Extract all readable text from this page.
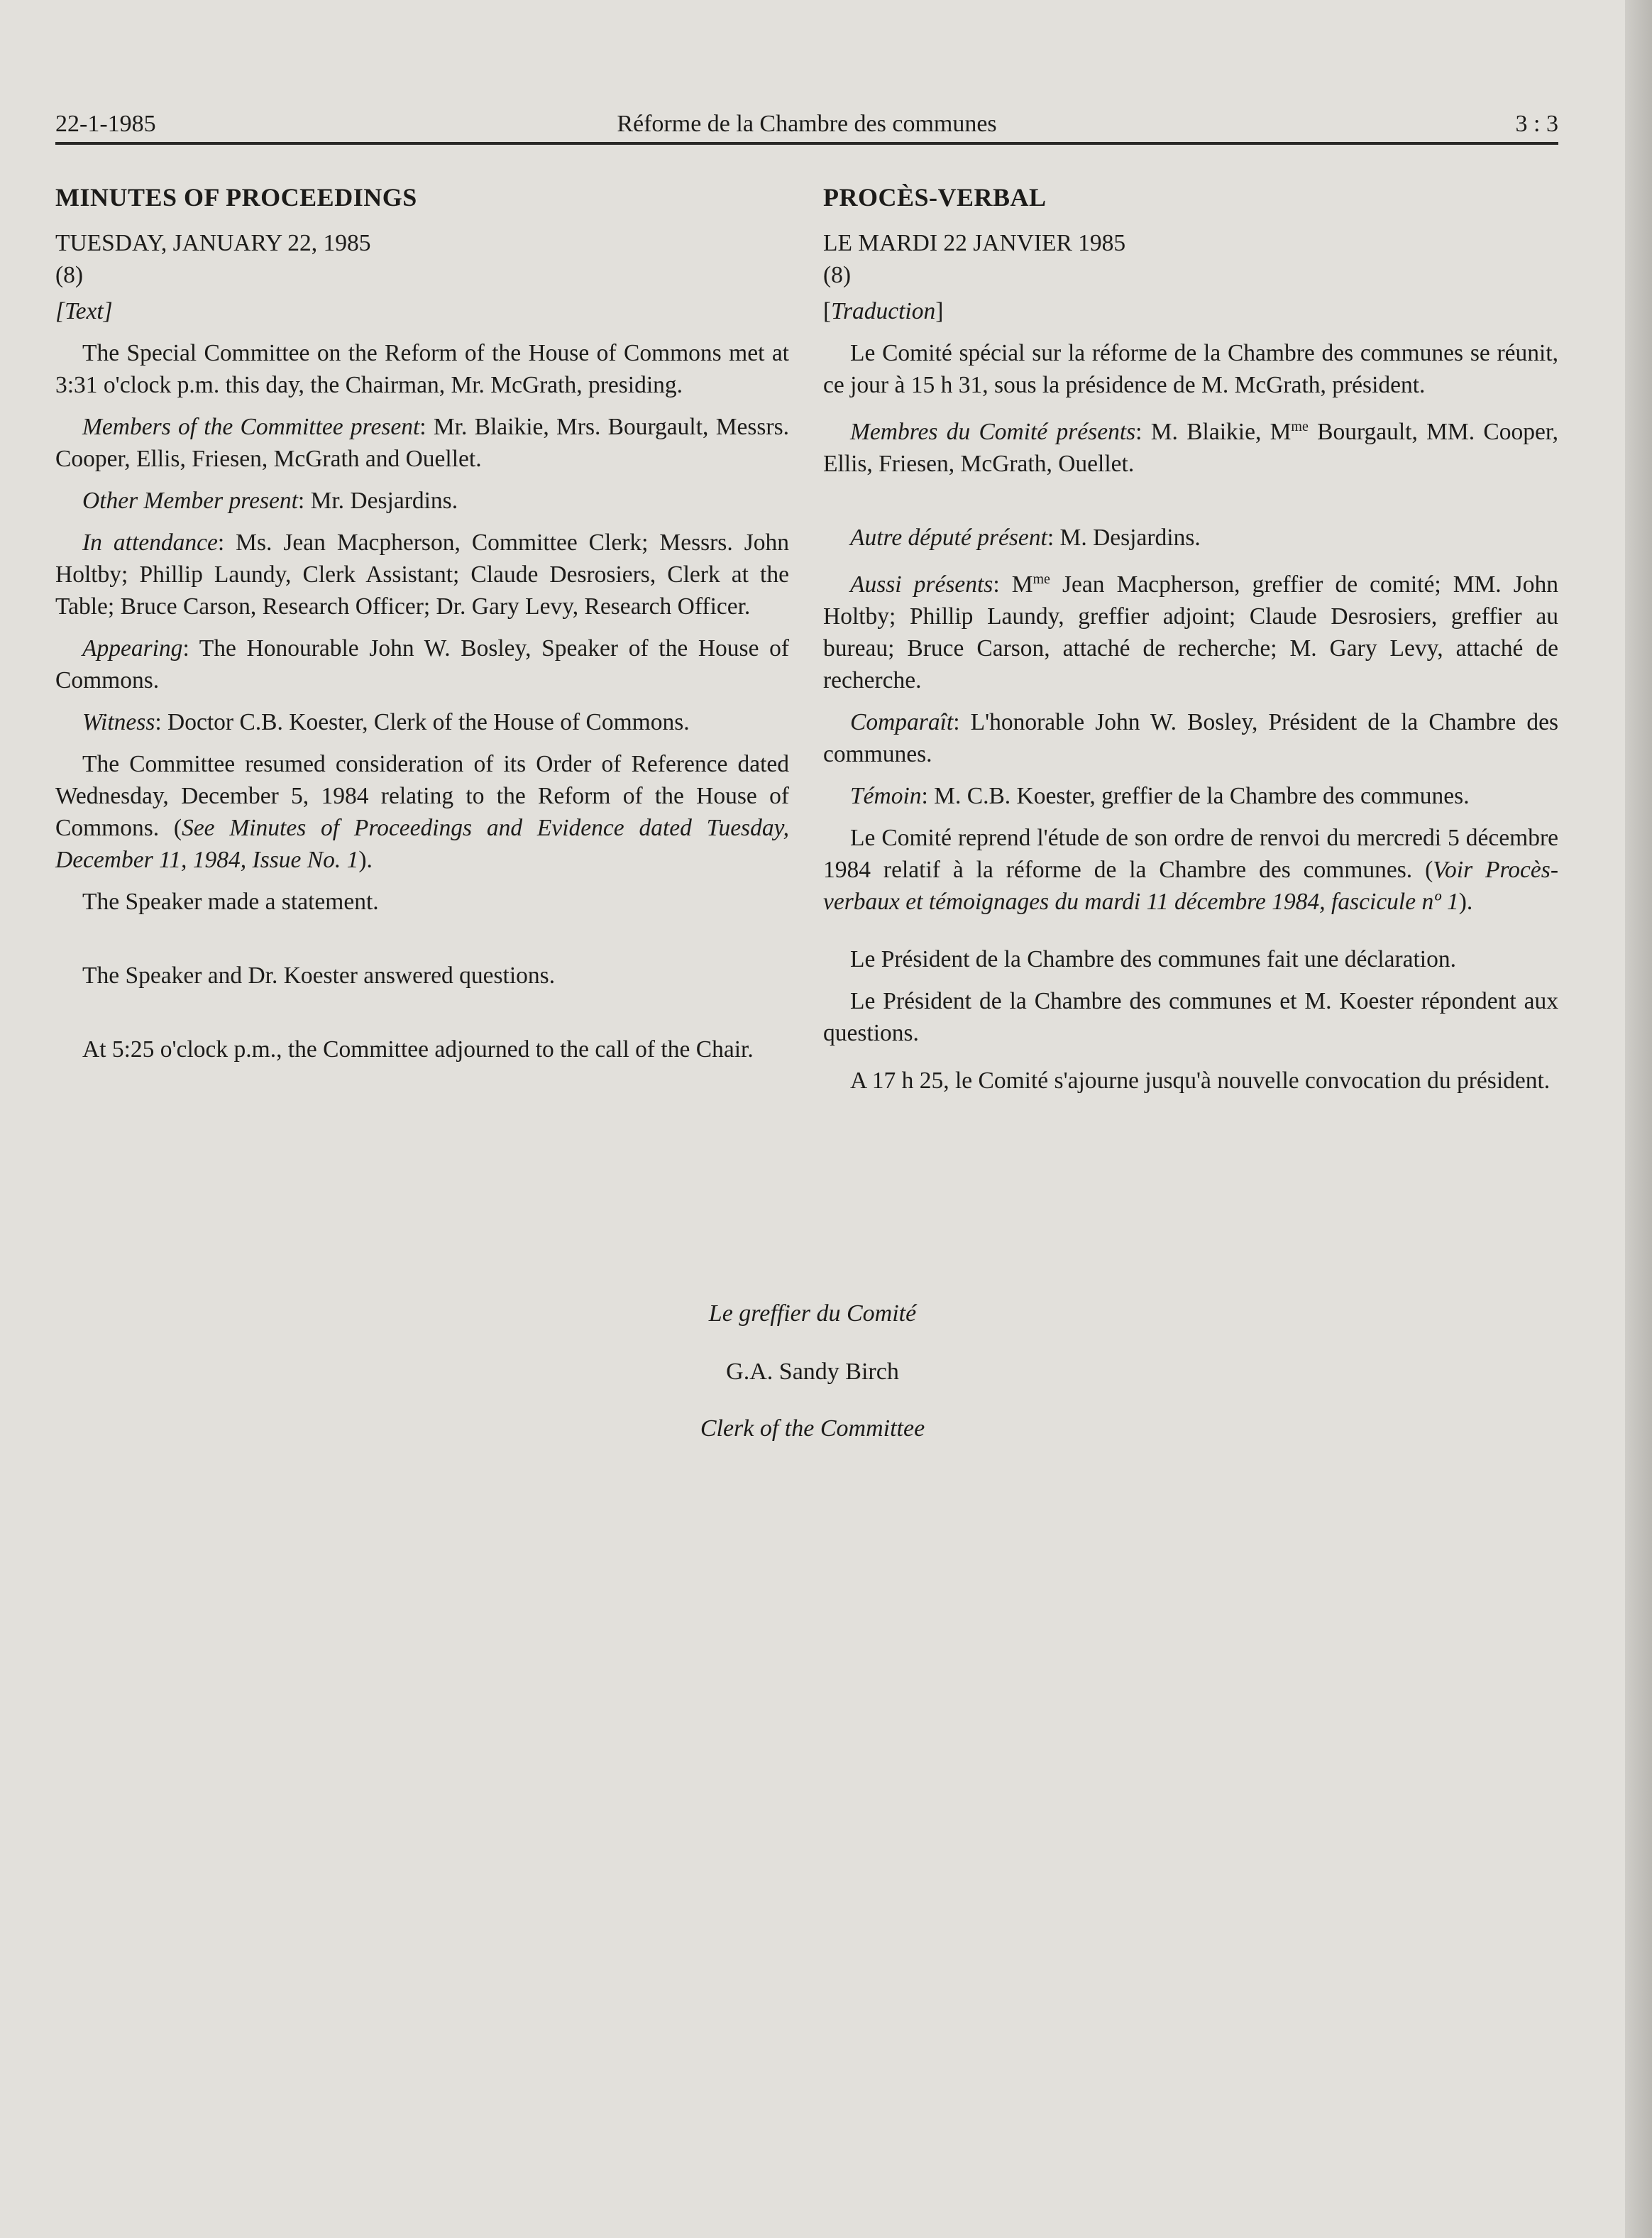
22-1-1985	Réforme de la Chambre des communes	3 : 3
MINUTES OF PROCEEDINGS

TUESDAY, JANUARY 22, 1985

(8)

[Text]

The Special Committee on the Reform of the House of Commons met at 3:31 o'clock p.m. this day, the Chairman, Mr. McGrath, presiding.

Members of the Committee present: Mr. Blaikie, Mrs. Bourgault, Messrs. Cooper, Ellis, Friesen, McGrath and Ouellet.

Other Member present: Mr. Desjardins.

In attendance: Ms. Jean Macpherson, Committee Clerk; Messrs. John Holtby; Phillip Laundy, Clerk Assistant; Claude Desrosiers, Clerk at the Table; Bruce Carson, Research Officer; Dr. Gary Levy, Research Officer.

Appearing: The Honourable John W. Bosley, Speaker of the House of Commons.

Witness: Doctor C.B. Koester, Clerk of the House of Commons.

The Committee resumed consideration of its Order of Reference dated Wednesday, December 5, 1984 relating to the Reform of the House of Commons. (See Minutes of Proceedings and Evidence dated Tuesday, December 11, 1984, Issue No. 1).

The Speaker made a statement.

The Speaker and Dr. Koester answered questions.

At 5:25 o'clock p.m., the Committee adjourned to the call of the Chair.

PROCÈS-VERBAL

LE MARDI 22 JANVIER 1985

(8)

[Traduction]

Le Comité spécial sur la réforme de la Chambre des communes se réunit, ce jour à 15 h 31, sous la présidence de M. McGrath, président.

Membres du Comité présents: M. Blaikie, $M^{me}$ Bourgault, MM. Cooper, Ellis, Friesen, McGrath, Ouellet.

Autre député présent: M. Desjardins.

Aussi présents: $M^{me}$ Jean Macpherson, greffier de comité; MM. John Holtby; Phillip Laundy, greffier adjoint; Claude Desrosiers, greffier au bureau; Bruce Carson, attaché de recherche; M. Gary Levy, attaché de recherche.

Comparaît: L'honorable John W. Bosley, Président de la Chambre des communes.

Témoin: M. C.B. Koester, greffier de la Chambre des communes.

Le Comité reprend l'étude de son ordre de renvoi du mercredi 5 décembre 1984 relatif à la réforme de la Chambre des communes. (Voir Procès-verbaux et témoignages du mardi 11 décembre 1984, fascicule nº 1).

Le Président de la Chambre des communes fait une déclaration.

Le Président de la Chambre des communes et M. Koester répondent aux questions.

A 17 h 25, le Comité s'ajourne jusqu'à nouvelle convocation du président.

Le greffier du Comité
G.A. Sandy Birch
Clerk of the Committee
